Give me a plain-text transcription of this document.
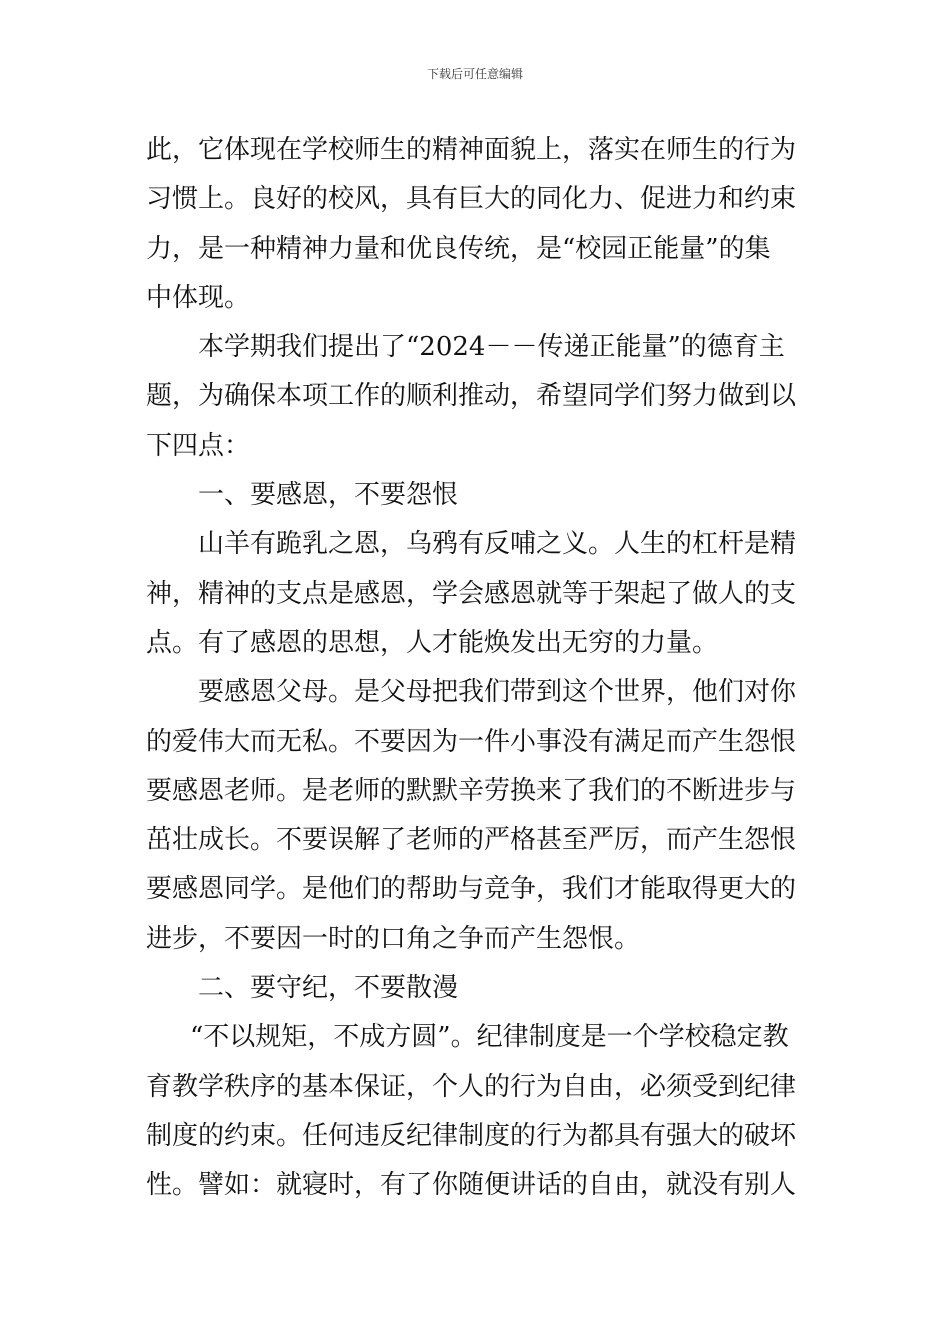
下载后可任意编辑
此，它体现在学校师生的精神面貌上，落实在师生的行为
习惯上。良好的校风，具有巨大的同化力、促进力和约束
力，是一种精神力量和优良传统，是“校园正能量”的集
中体现。
本学期我们提出了“2024－－传递正能量”的德育主
题，为确保本项工作的顺利推动，希望同学们努力做到以
下四点：
一、要感恩，不要怨恨
山羊有跪乳之恩，乌鸦有反哺之义。人生的杠杆是精
神，精神的支点是感恩，学会感恩就等于架起了做人的支
点。有了感恩的思想，人才能焕发出无穷的力量。
要感恩父母。是父母把我们带到这个世界，他们对你
的爱伟大而无私。不要因为一件小事没有满足而产生怨恨
要感恩老师。是老师的默默辛劳换来了我们的不断进步与
茁壮成长。不要误解了老师的严格甚至严厉，而产生怨恨
要感恩同学。是他们的帮助与竞争，我们才能取得更大的
进步，不要因一时的口角之争而产生怨恨。
二、要守纪，不要散漫
“不以规矩，不成方圆”。纪律制度是一个学校稳定教
育教学秩序的基本保证，个人的行为自由，必须受到纪律
制度的约束。任何违反纪律制度的行为都具有强大的破坏
性。譬如：就寝时，有了你随便讲话的自由，就没有别人
